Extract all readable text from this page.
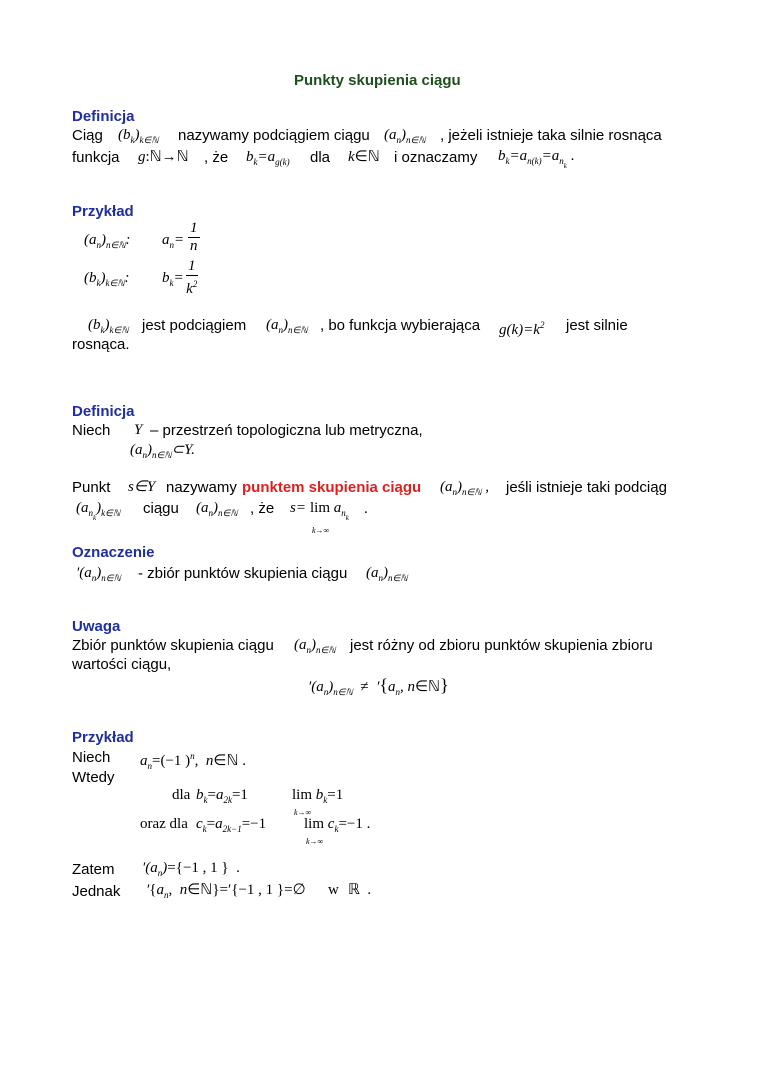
Punkty skupienia ciągu
Definicja
Ciąg $(b_k)_{k\in ℕ}$ nazywamy podciągiem ciągu $(a_n)_{n\in ℕ}$ , jeżeli istnieje taka silnie rosnąca
funkcja g:ℕ→ℕ , że $b_k=a_{g(k)}$ dla k∈ℕ i oznaczamy $b_k=a_{n(k)}=a_{n_k}$ .
Przykład
$(a_n)_{n\in ℕ}$: $a_n= \frac{1}{n}$
$(b_k)_{k\in ℕ}$: $b_k= \frac{1}{k^2}$
$(b_k)_{k\in ℕ}$ jest podciągiem $(a_n)_{n\in ℕ}$ , bo funkcja wybierająca $g(k)=k^2$ jest silnie
rosnąca.
Definicja
Niech Y – przestrzeń topologiczna lub metryczna,
$(a_n)_{n\in ℕ}\subset Y$.
Punkt s∈Y nazywamy punktem skupienia ciągu $(a_n)_{n\in ℕ}$ , jeśli istnieje taki podciąg
$(a_{n_k})_{k\in ℕ}$ ciągu $(a_n)_{n\in ℕ}$ , że $s= \lim a_{n_k}$
k→∞
.
Oznaczenie
$'(a_n)_{n\in ℕ}$ - zbiór punktów skupienia ciągu $(a_n)_{n\in ℕ}$
Uwaga
Zbiór punktów skupienia ciągu $(a_n)_{n\in ℕ}$ jest różny od zbioru punktów skupienia zbioru
wartości ciągu,
$'(a_n)_{n\in ℕ} \ne '\{a_n$, n∈ℕ}
Przykład
Niech $a_n=(-1$ )$^n$,  n∈ℕ .
Wtedy
dla $b_k=a_{2k}=1$	$\lim b_k=1$
k→∞
oraz dla $c_k=a_{2k-1}=-1$	$\lim c_k=-1$ .
k→∞
Zatem $'(a_n)=\{-1$ , 1 }  .
Jednak $'\{a_n$,  n∈ℕ}=′{−1 , 1 }=∅ w ℝ  .
